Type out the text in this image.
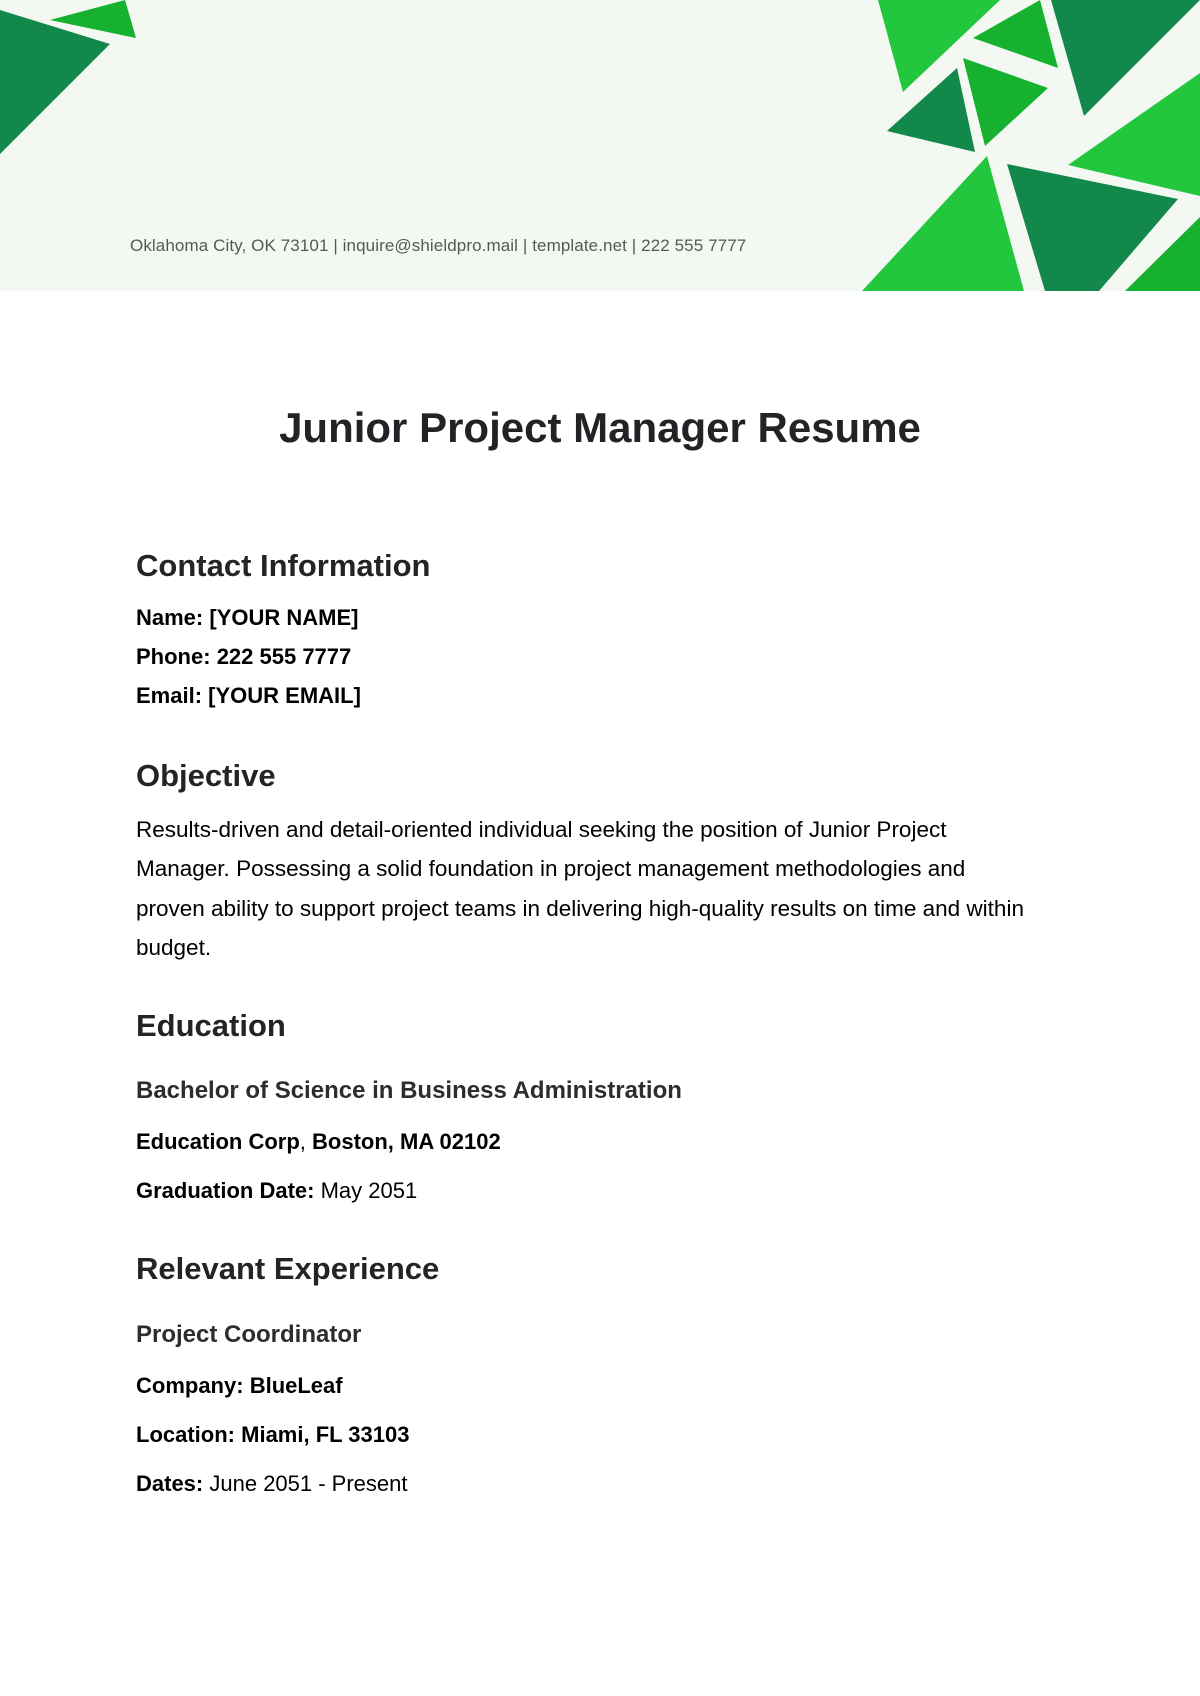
Oklahoma City, OK 73101 | inquire@shieldpro.mail | template.net | 222 555 7777
Junior Project Manager Resume
Contact Information
Name: [YOUR NAME]
Phone: 222 555 7777
Email: [YOUR EMAIL]
Objective
Results-driven and detail-oriented individual seeking the position of Junior Project Manager. Possessing a solid foundation in project management methodologies and proven ability to support project teams in delivering high-quality results on time and within budget.
Education
Bachelor of Science in Business Administration
Education Corp, Boston, MA 02102
Graduation Date: May 2051
Relevant Experience
Project Coordinator
Company: BlueLeaf
Location: Miami, FL 33103
Dates: June 2051 - Present
